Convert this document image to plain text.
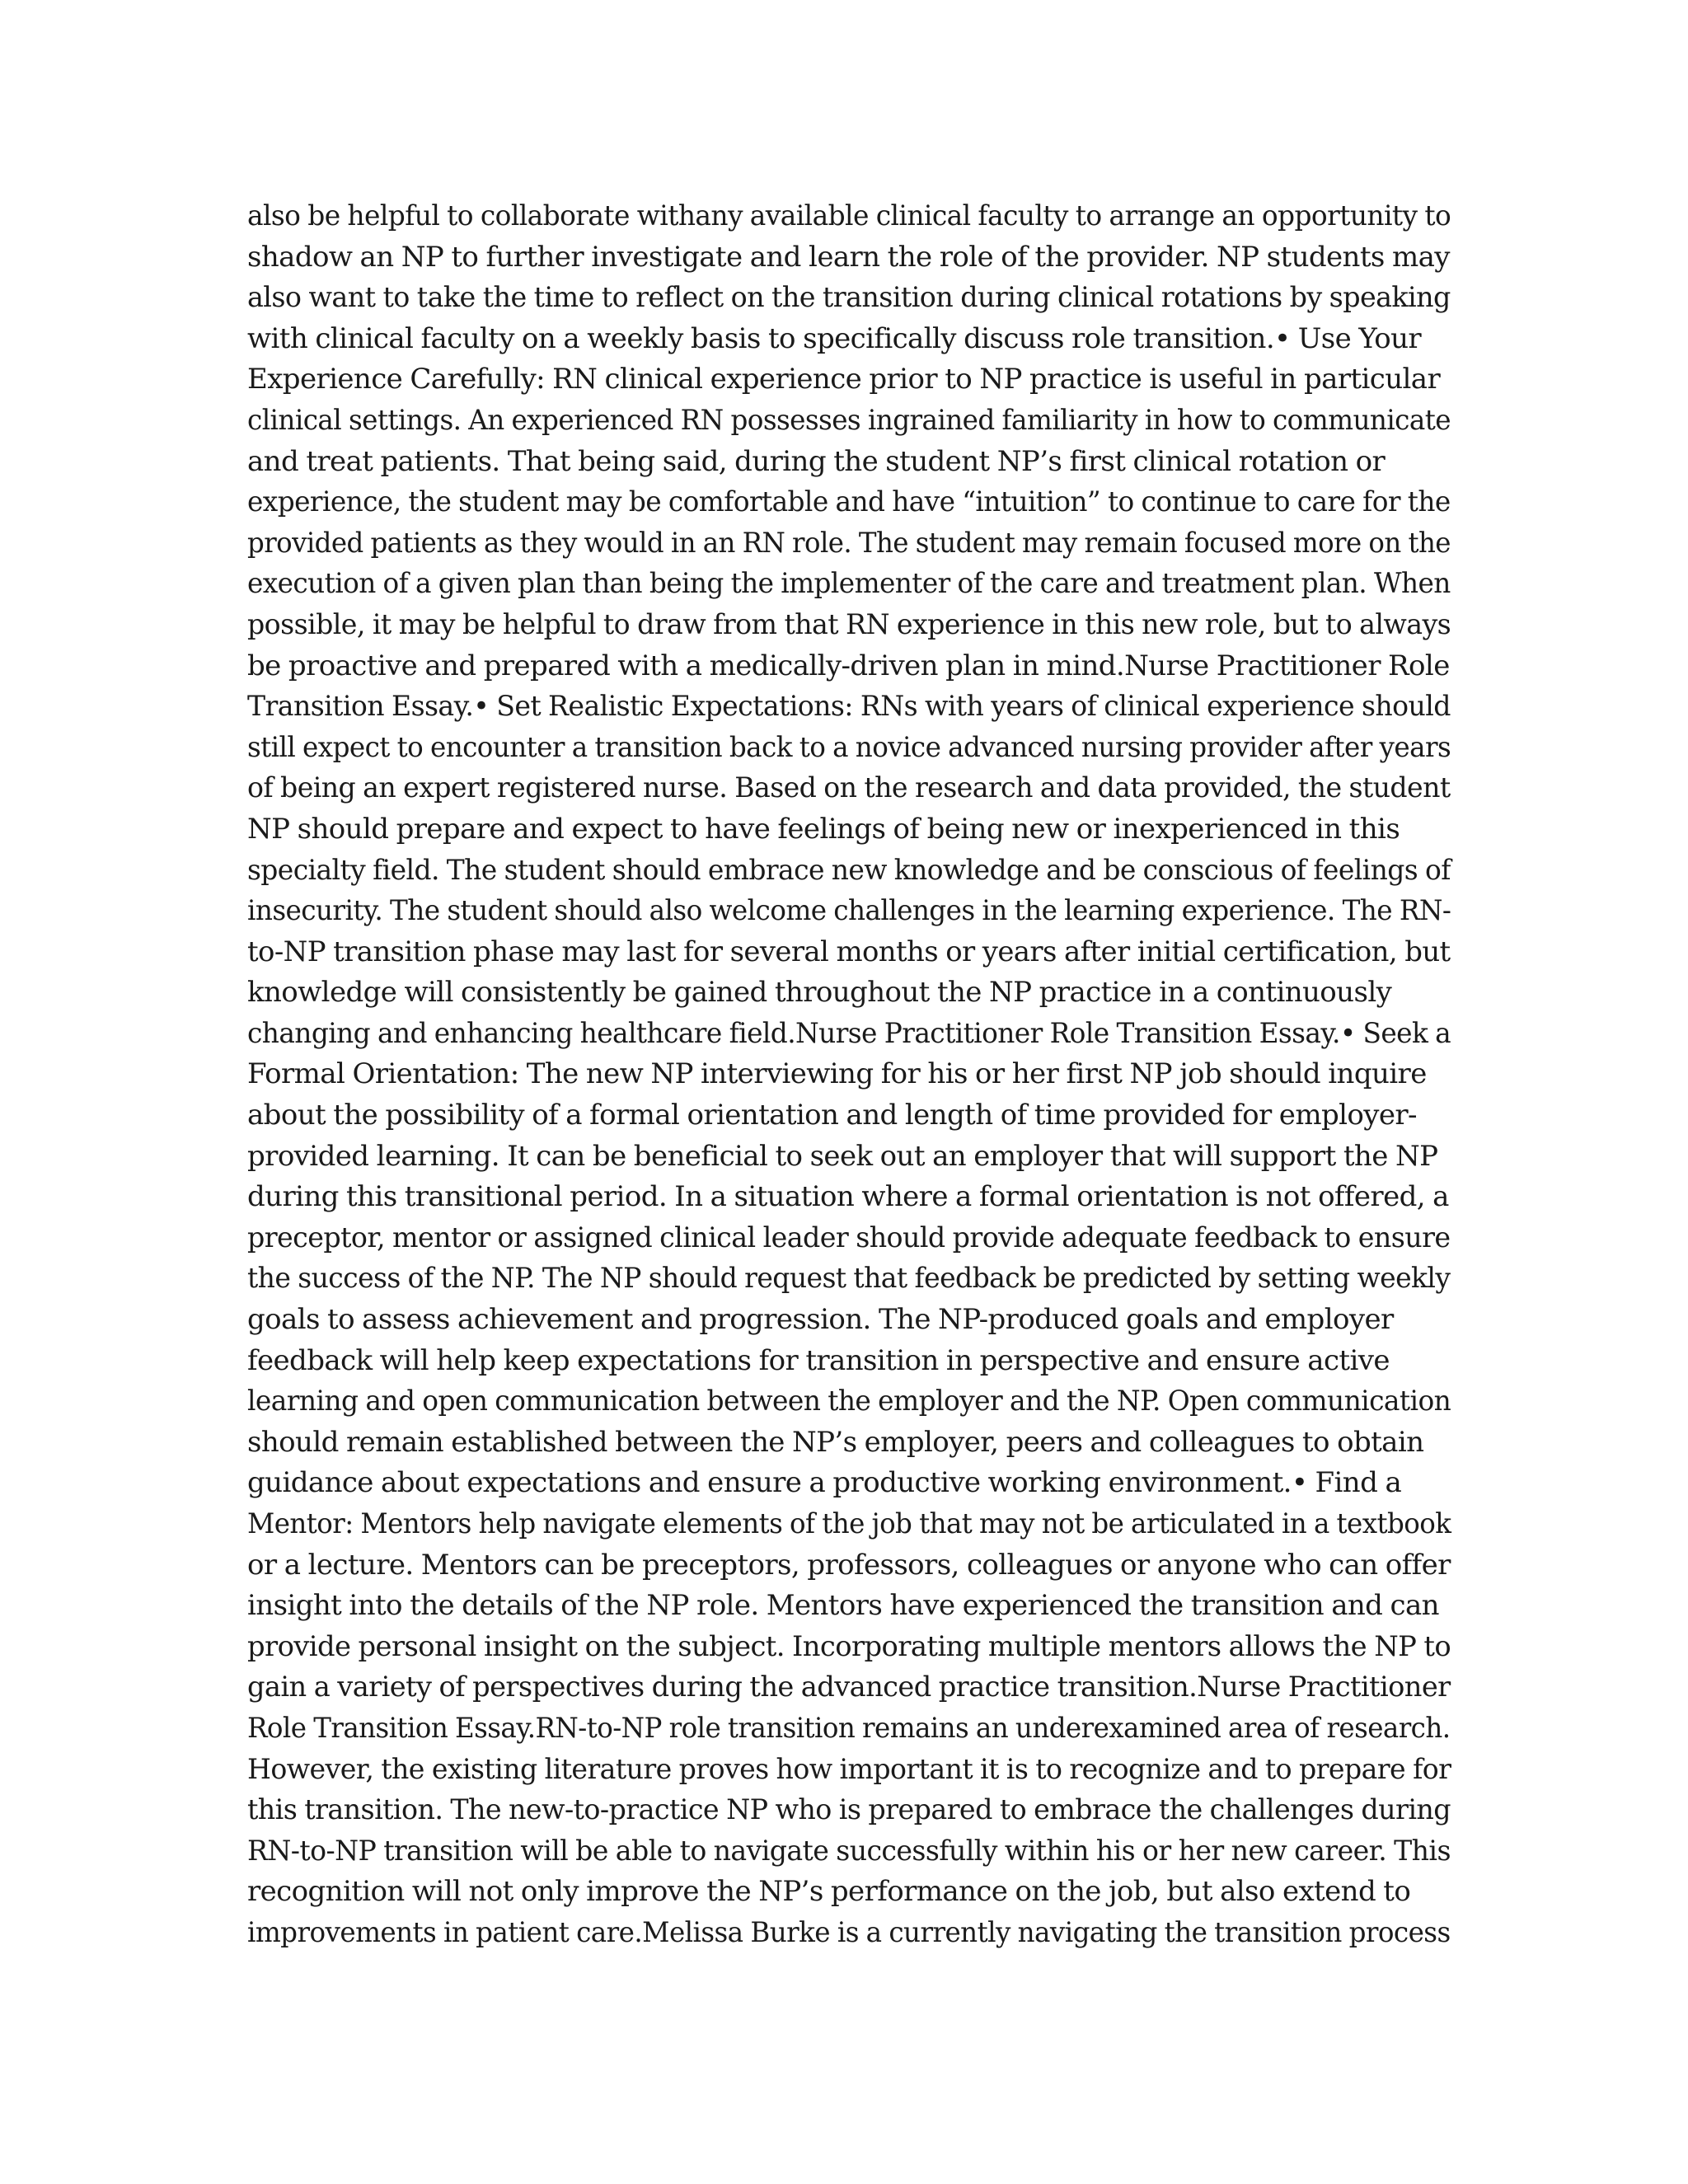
also be helpful to collaborate withany available clinical faculty to arrange an opportunity to
shadow an NP to further investigate and learn the role of the provider. NP students may
also want to take the time to reflect on the transition during clinical rotations by speaking
with clinical faculty on a weekly basis to specifically discuss role transition.• Use Your
Experience Carefully: RN clinical experience prior to NP practice is useful in particular
clinical settings. An experienced RN possesses ingrained familiarity in how to communicate
and treat patients. That being said, during the student NP’s first clinical rotation or
experience, the student may be comfortable and have “intuition” to continue to care for the
provided patients as they would in an RN role. The student may remain focused more on the
execution of a given plan than being the implementer of the care and treatment plan. When
possible, it may be helpful to draw from that RN experience in this new role, but to always
be proactive and prepared with a medically-driven plan in mind.Nurse Practitioner Role
Transition Essay.• Set Realistic Expectations: RNs with years of clinical experience should
still expect to encounter a transition back to a novice advanced nursing provider after years
of being an expert registered nurse. Based on the research and data provided, the student
NP should prepare and expect to have feelings of being new or inexperienced in this
specialty field. The student should embrace new knowledge and be conscious of feelings of
insecurity. The student should also welcome challenges in the learning experience. The RN-
to-NP transition phase may last for several months or years after initial certification, but
knowledge will consistently be gained throughout the NP practice in a continuously
changing and enhancing healthcare field.Nurse Practitioner Role Transition Essay.• Seek a
Formal Orientation: The new NP interviewing for his or her first NP job should inquire
about the possibility of a formal orientation and length of time provided for employer-
provided learning. It can be beneficial to seek out an employer that will support the NP
during this transitional period. In a situation where a formal orientation is not offered, a
preceptor, mentor or assigned clinical leader should provide adequate feedback to ensure
the success of the NP. The NP should request that feedback be predicted by setting weekly
goals to assess achievement and progression. The NP-produced goals and employer
feedback will help keep expectations for transition in perspective and ensure active
learning and open communication between the employer and the NP. Open communication
should remain established between the NP’s employer, peers and colleagues to obtain
guidance about expectations and ensure a productive working environment.• Find a
Mentor: Mentors help navigate elements of the job that may not be articulated in a textbook
or a lecture. Mentors can be preceptors, professors, colleagues or anyone who can offer
insight into the details of the NP role. Mentors have experienced the transition and can
provide personal insight on the subject. Incorporating multiple mentors allows the NP to
gain a variety of perspectives during the advanced practice transition.Nurse Practitioner
Role Transition Essay.RN-to-NP role transition remains an underexamined area of research.
However, the existing literature proves how important it is to recognize and to prepare for
this transition. The new-to-practice NP who is prepared to embrace the challenges during
RN-to-NP transition will be able to navigate successfully within his or her new career. This
recognition will not only improve the NP’s performance on the job, but also extend to
improvements in patient care.Melissa Burke is a currently navigating the transition process
